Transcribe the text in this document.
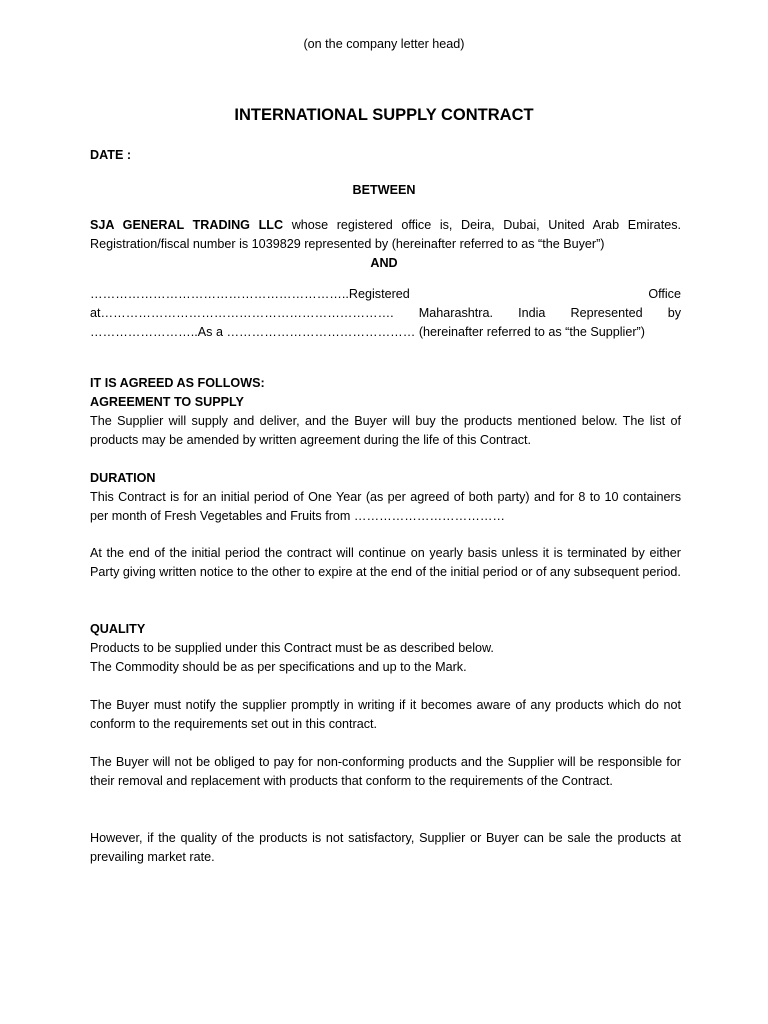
(on the company letter head)
INTERNATIONAL SUPPLY CONTRACT
DATE :
BETWEEN
SJA GENERAL TRADING LLC whose registered office is, Deira, Dubai, United Arab Emirates. Registration/fiscal number is 1039829 represented by (hereinafter referred to as “the Buyer”)
AND
……………………………………………………..Registered Office at……………………………………………………………. Maharashtra. India Represented by ……………………..As a ……………………………………… (hereinafter referred to as “the Supplier”)
IT IS AGREED AS FOLLOWS:
AGREEMENT TO SUPPLY
The Supplier will supply and deliver, and the Buyer will buy the products mentioned below. The list of products may be amended by written agreement during the life of this Contract.
DURATION
This Contract is for an initial period of One Year (as per agreed of both party) and for 8 to 10 containers per month of Fresh Vegetables and Fruits from ………………………………
At the end of the initial period the contract will continue on yearly basis unless it is terminated by either Party giving written notice to the other to expire at the end of the initial period or of any subsequent period.
QUALITY
Products to be supplied under this Contract must be as described below.
The Commodity should be as per specifications and up to the Mark.
The Buyer must notify the supplier promptly in writing if it becomes aware of any products which do not conform to the requirements set out in this contract.
The Buyer will not be obliged to pay for non-conforming products and the Supplier will be responsible for their removal and replacement with products that conform to the requirements of the Contract.
However, if the quality of the products is not satisfactory, Supplier or Buyer can be sale the products at prevailing market rate.
